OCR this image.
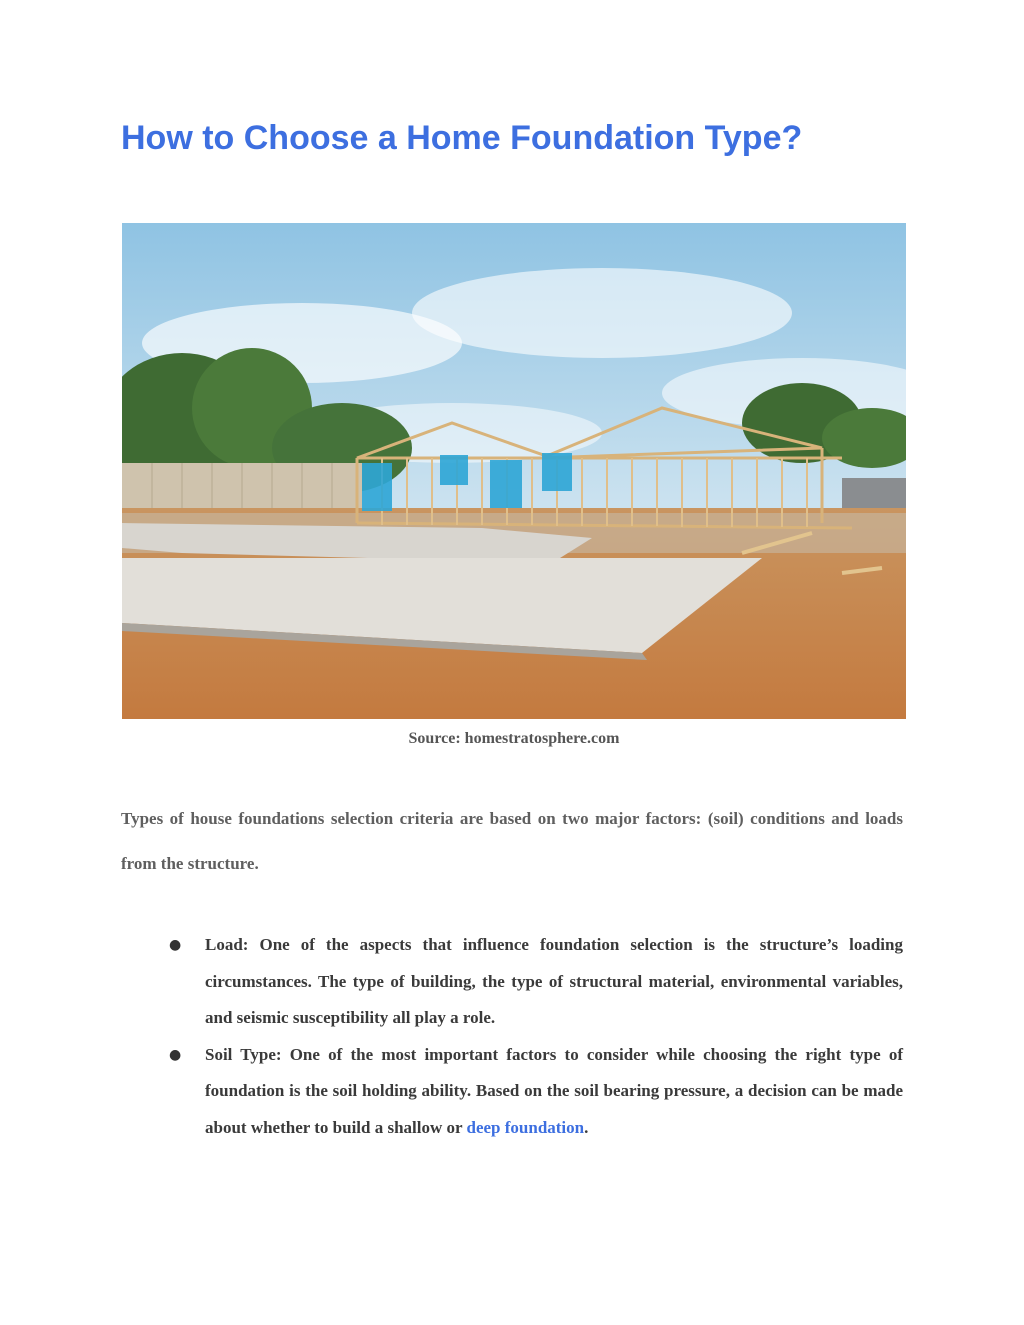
How to Choose a Home Foundation Type?
Source: homestratosphere.com

Types of house foundations selection criteria are based on two major factors: (soil) conditions and loads from the structure.

● Load: One of the aspects that influence foundation selection is the structure’s loading circumstances. The type of building, the type of structural material, environmental variables, and seismic susceptibility all play a role.
● Soil Type: One of the most important factors to consider while choosing the right type of foundation is the soil holding ability. Based on the soil bearing pressure, a decision can be made about whether to build a shallow or deep foundation.
